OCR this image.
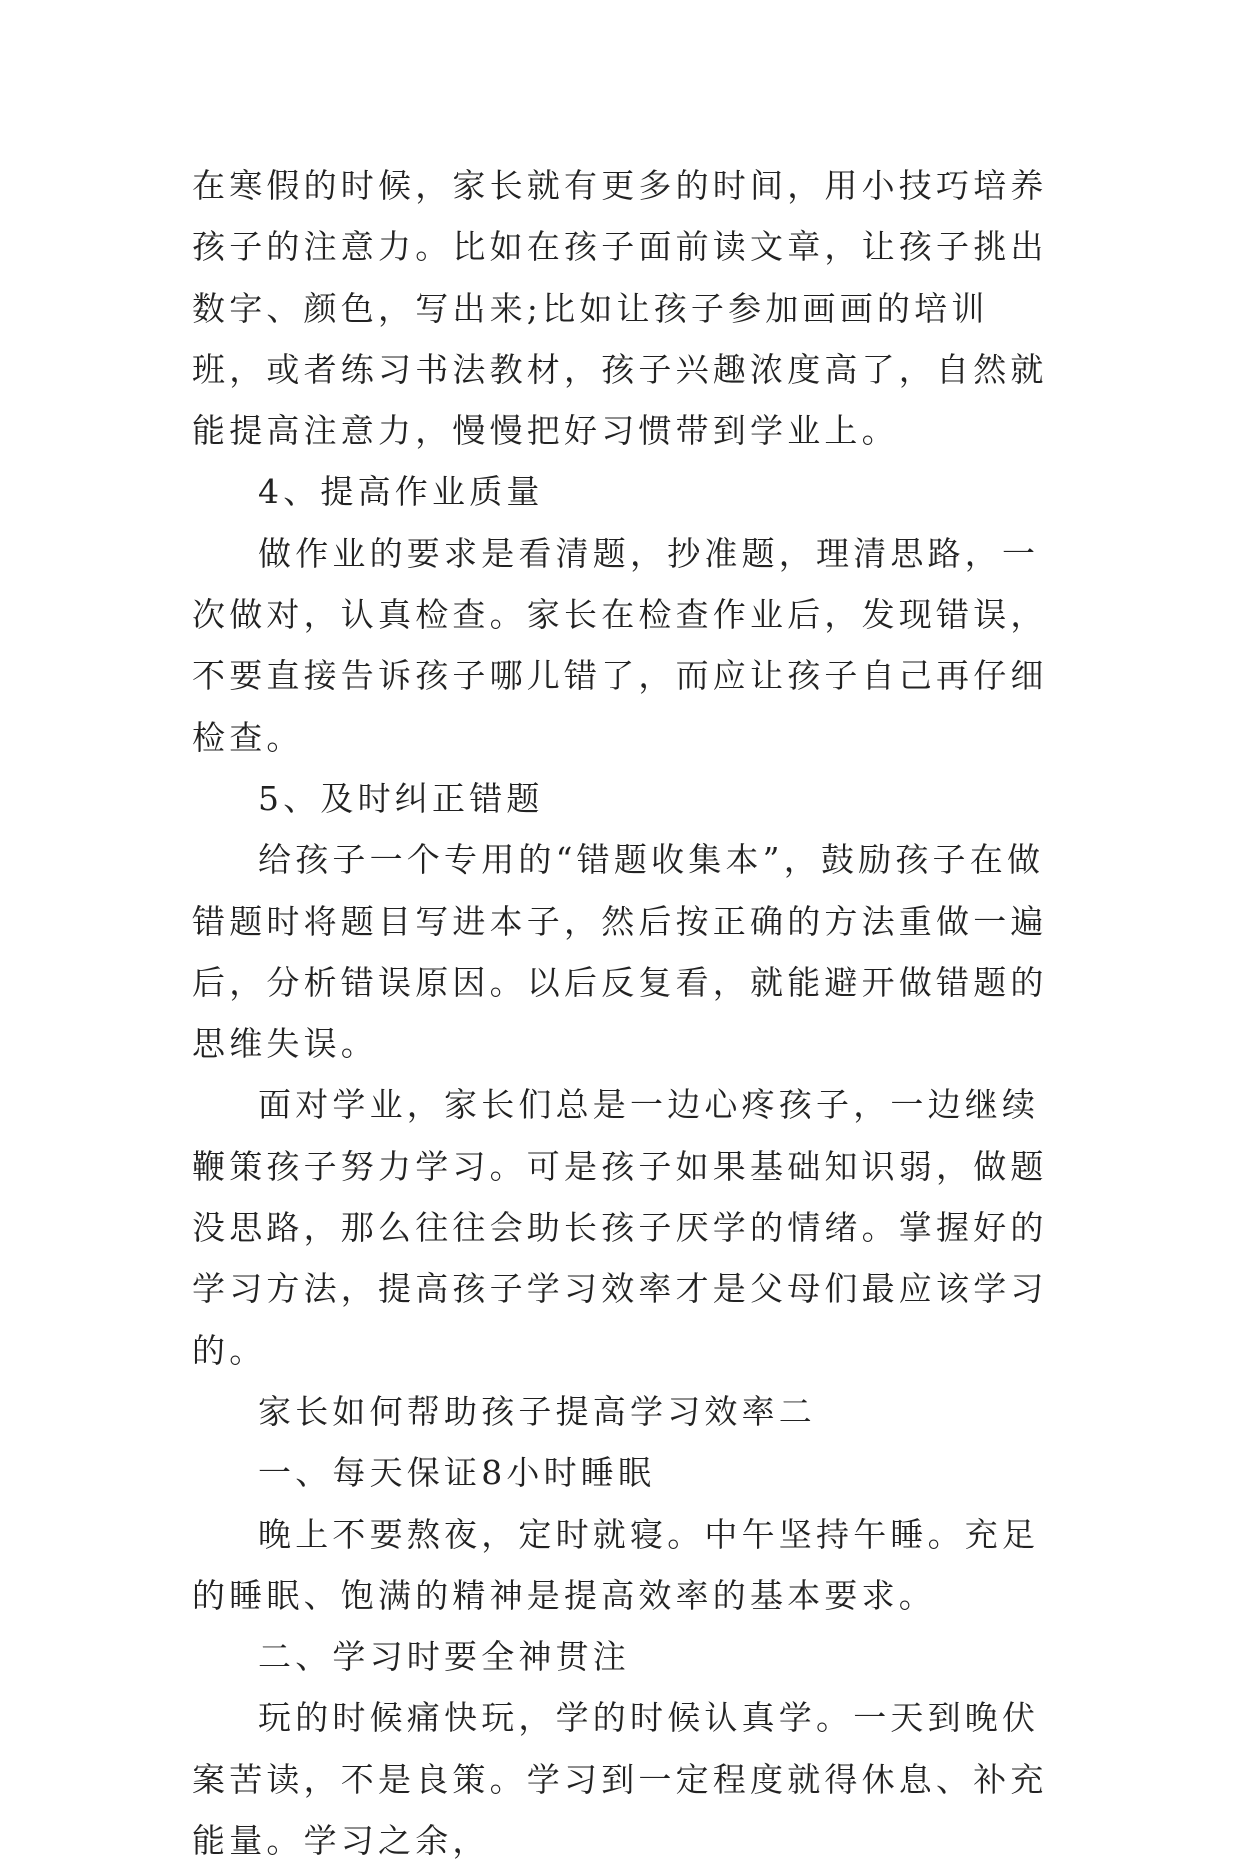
在寒假的时候，家长就有更多的时间，用小技巧培养孩子的注意力。比如在孩子面前读文章，让孩子挑出数字、颜色，写出来;比如让孩子参加画画的培训班，或者练习书法教材，孩子兴趣浓度高了，自然就能提高注意力，慢慢把好习惯带到学业上。

4、提高作业质量

做作业的要求是看清题，抄准题，理清思路，一次做对，认真检查。家长在检查作业后，发现错误，不要直接告诉孩子哪儿错了，而应让孩子自己再仔细检查。

5、及时纠正错题

给孩子一个专用的“错题收集本”，鼓励孩子在做错题时将题目写进本子，然后按正确的方法重做一遍后，分析错误原因。以后反复看，就能避开做错题的思维失误。

面对学业，家长们总是一边心疼孩子，一边继续鞭策孩子努力学习。可是孩子如果基础知识弱，做题没思路，那么往往会助长孩子厌学的情绪。掌握好的学习方法，提高孩子学习效率才是父母们最应该学习的。

家长如何帮助孩子提高学习效率二

一、每天保证8小时睡眠

晚上不要熬夜，定时就寝。中午坚持午睡。充足的睡眠、饱满的精神是提高效率的基本要求。

二、学习时要全神贯注

玩的时候痛快玩，学的时候认真学。一天到晚伏案苦读，不是良策。学习到一定程度就得休息、补充能量。学习之余，
